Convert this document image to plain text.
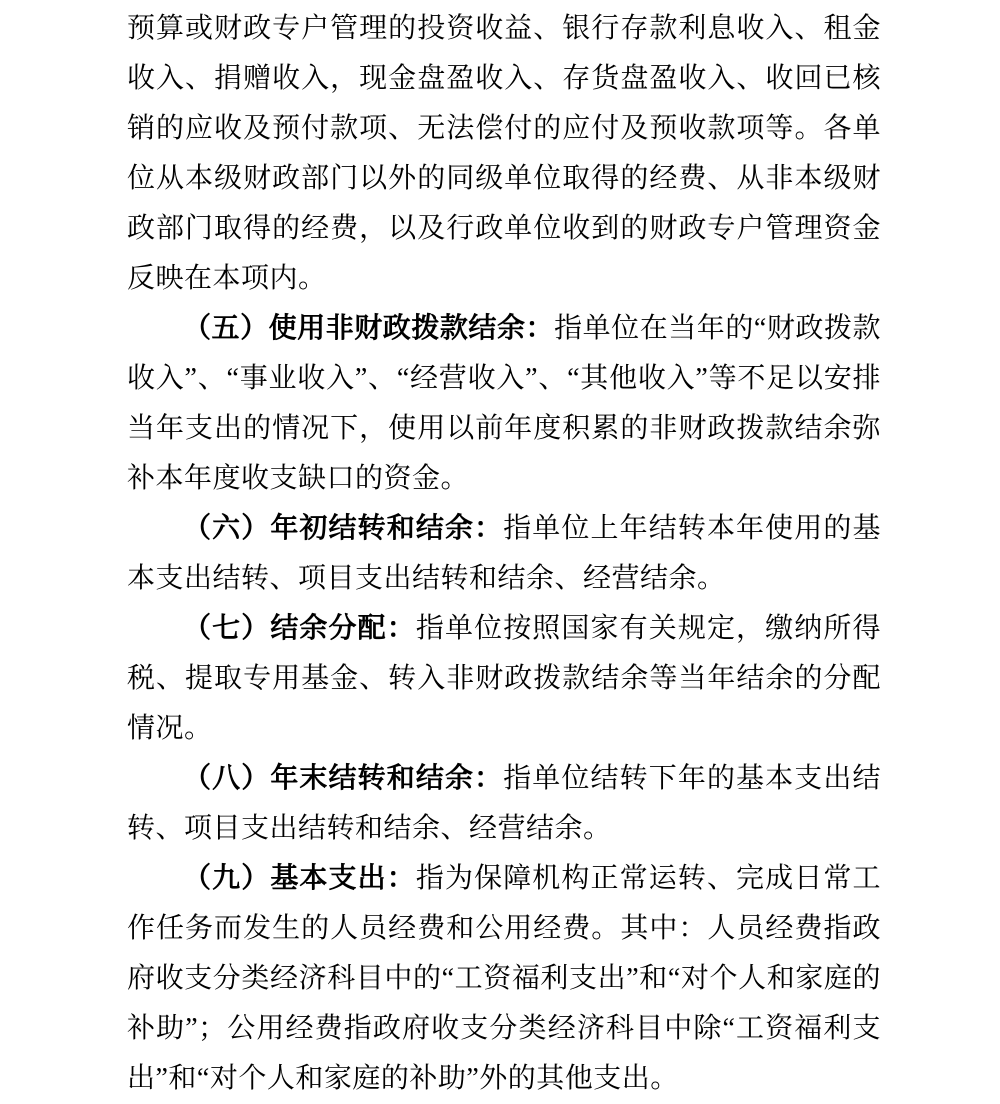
预算或财政专户管理的投资收益、银行存款利息收入、租金收入、捐赠收入，现金盘盈收入、存货盘盈收入、收回已核销的应收及预付款项、无法偿付的应付及预收款项等。各单位从本级财政部门以外的同级单位取得的经费、从非本级财政部门取得的经费，以及行政单位收到的财政专户管理资金反映在本项内。

（五）使用非财政拨款结余：指单位在当年的“财政拨款收入”、“事业收入”、“经营收入”、“其他收入”等不足以安排当年支出的情况下，使用以前年度积累的非财政拨款结余弥补本年度收支缺口的资金。

（六）年初结转和结余：指单位上年结转本年使用的基本支出结转、项目支出结转和结余、经营结余。

（七）结余分配：指单位按照国家有关规定，缴纳所得税、提取专用基金、转入非财政拨款结余等当年结余的分配情况。

（八）年末结转和结余：指单位结转下年的基本支出结转、项目支出结转和结余、经营结余。

（九）基本支出：指为保障机构正常运转、完成日常工作任务而发生的人员经费和公用经费。其中：人员经费指政府收支分类经济科目中的“工资福利支出”和“对个人和家庭的补助”；公用经费指政府收支分类经济科目中除“工资福利支出”和“对个人和家庭的补助”外的其他支出。
